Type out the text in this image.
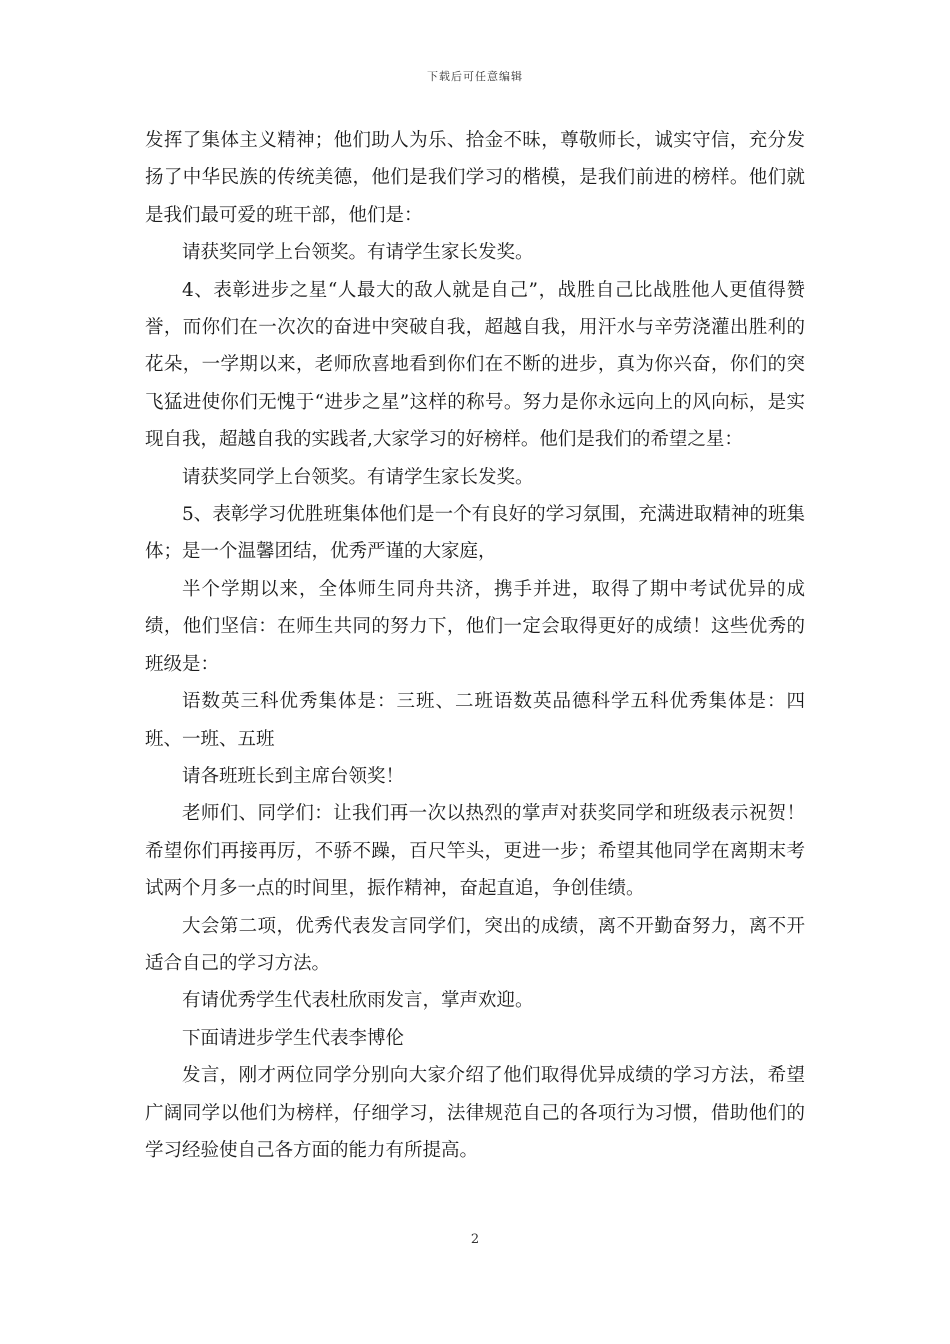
下载后可任意编辑

发挥了集体主义精神；他们助人为乐、拾金不昧，尊敬师长，诚实守信，充分发扬了中华民族的传统美德，他们是我们学习的楷模，是我们前进的榜样。他们就是我们最可爱的班干部，他们是：

请获奖同学上台领奖。有请学生家长发奖。

4、表彰进步之星“人最大的敌人就是自己”，战胜自己比战胜他人更值得赞誉，而你们在一次次的奋进中突破自我，超越自我，用汗水与辛劳浇灌出胜利的花朵，一学期以来，老师欣喜地看到你们在不断的进步，真为你兴奋，你们的突飞猛进使你们无愧于“进步之星”这样的称号。努力是你永远向上的风向标，是实现自我，超越自我的实践者,大家学习的好榜样。他们是我们的希望之星：

请获奖同学上台领奖。有请学生家长发奖。

5、表彰学习优胜班集体他们是一个有良好的学习氛围，充满进取精神的班集体；是一个温馨团结，优秀严谨的大家庭，

半个学期以来，全体师生同舟共济，携手并进，取得了期中考试优异的成绩，他们坚信：在师生共同的努力下，他们一定会取得更好的成绩！这些优秀的班级是：

语数英三科优秀集体是：三班、二班语数英品德科学五科优秀集体是：四班、一班、五班

请各班班长到主席台领奖！

老师们、同学们：让我们再一次以热烈的掌声对获奖同学和班级表示祝贺！希望你们再接再厉，不骄不躁，百尺竿头，更进一步；希望其他同学在离期末考试两个月多一点的时间里，振作精神，奋起直追，争创佳绩。

大会第二项，优秀代表发言同学们，突出的成绩，离不开勤奋努力，离不开适合自己的学习方法。

有请优秀学生代表杜欣雨发言，掌声欢迎。

下面请进步学生代表李博伦

发言，刚才两位同学分别向大家介绍了他们取得优异成绩的学习方法，希望广阔同学以他们为榜样，仔细学习，法律规范自己的各项行为习惯，借助他们的学习经验使自己各方面的能力有所提高。

2
